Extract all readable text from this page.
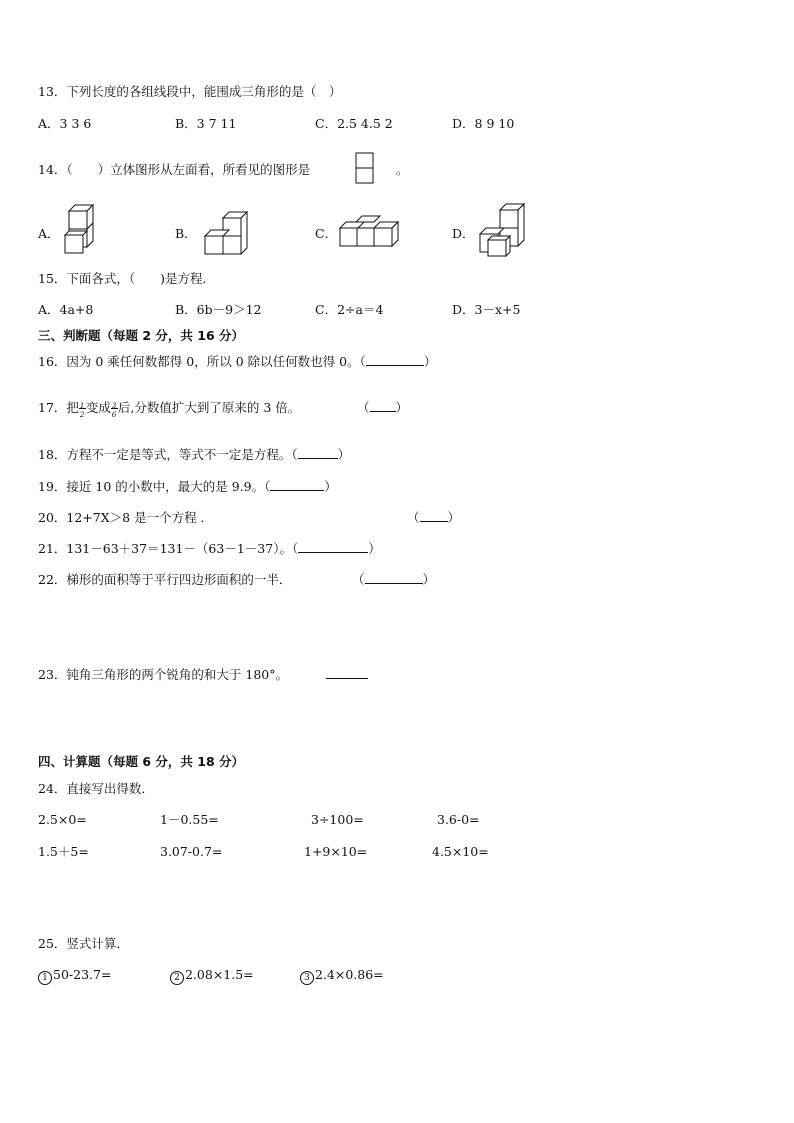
13．下列长度的各组线段中，能围成三角形的是（　）
A．3 3 6	B．3 7 11	C．2.5 4.5 2	D．8 9 10
14．（　　）立体图形从左面看，所看见的图形是	。
A．	B．	C．	D．
15．下面各式，（　　)是方程．
A．4a+8	B．6b－9＞12	C．2÷a＝4	D．3－x+5
三、判断题（每题 2 分，共 16 分）
16．因为 0 乘任何数都得 0，所以 0 除以任何数也得 0。（	）
17．把 1
2 变成 3
6 后,分数值扩大到了原来的 3 倍。	（ ）
18．方程不一定是等式，等式不一定是方程。（	）
19．接近 10 的小数中，最大的是 9.9。（	）
20．12+7X＞8 是一个方程 ．	（ ）
21．131－63＋37＝131－（63－1－37）。（	）
22．梯形的面积等于平行四边形面积的一半．	（	）
23．钝角三角形的两个锐角的和大于 180°。
四、计算题（每题 6 分，共 18 分）
24．直接写出得数．
2.5×0=	1－0.55=	3÷100=	3.6-0=
1.5＋5=	3.07-0.7=	1+9×10=	4.5×10=
25．竖式计算．
1 50-23.7=	2 2.08×1.5=	3 2.4×0.86=
